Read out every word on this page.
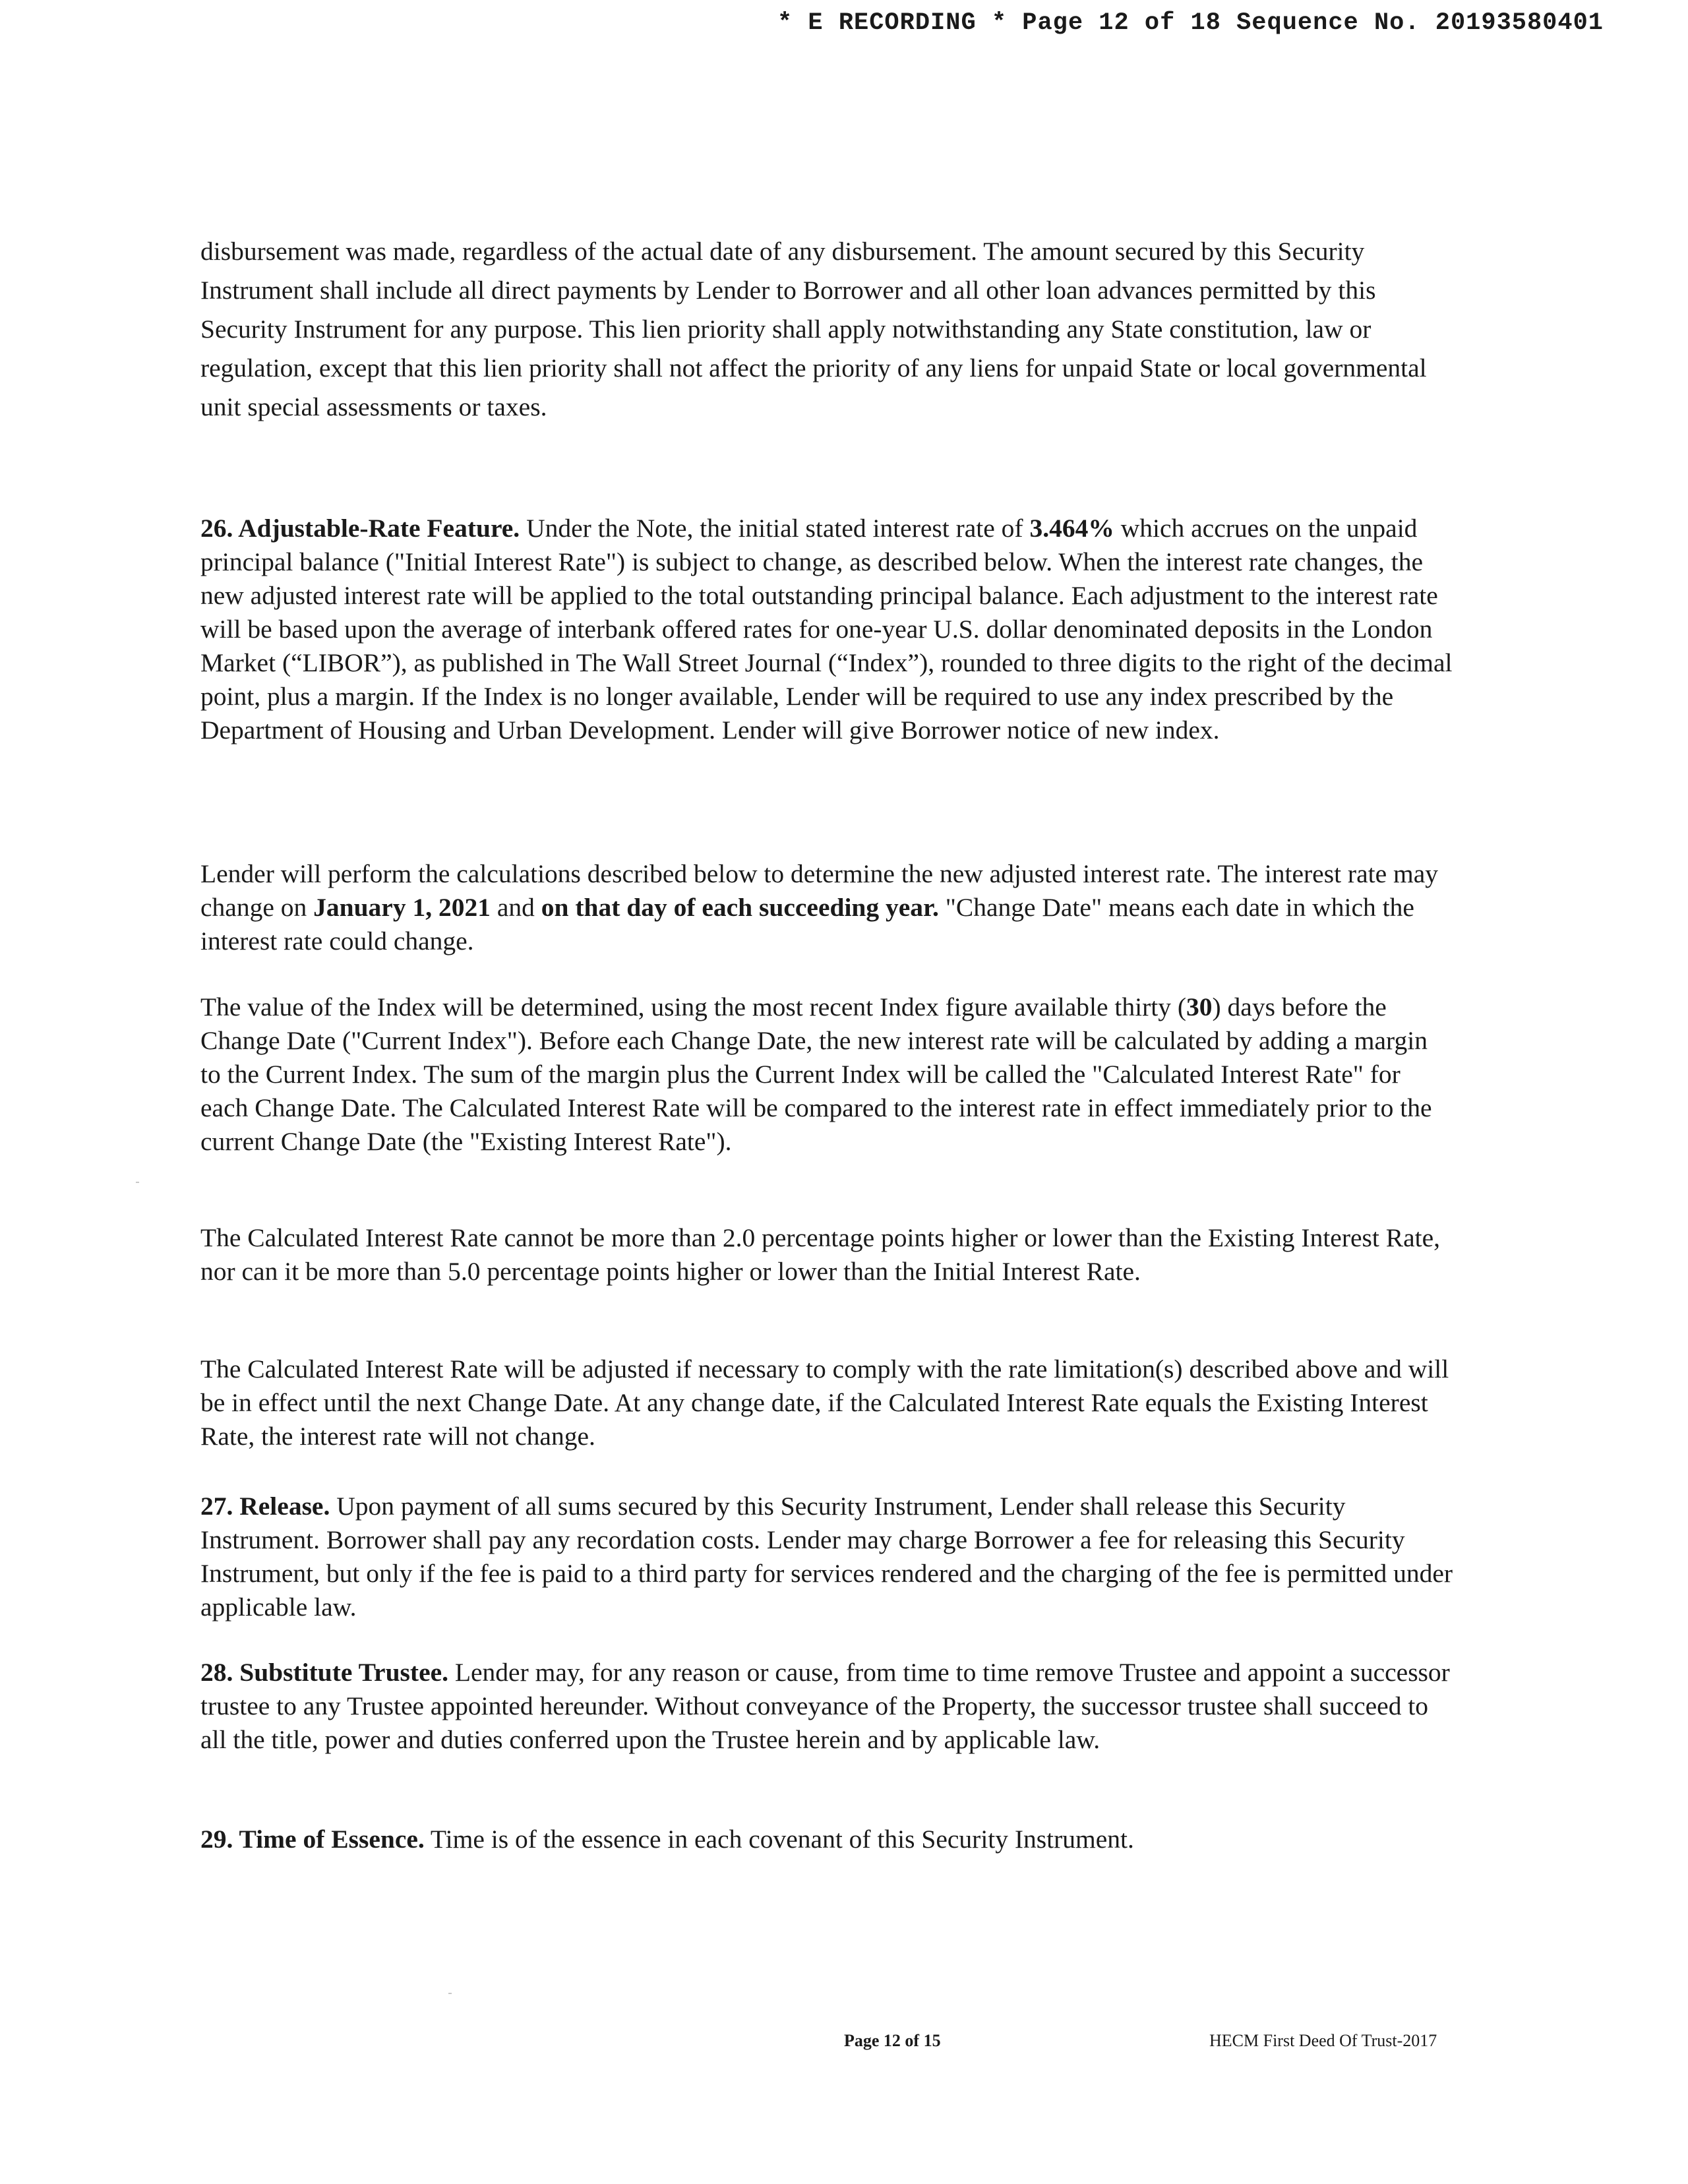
* E RECORDING * Page 12 of 18 Sequence No. 20193580401

disbursement was made, regardless of the actual date of any disbursement. The amount secured by this Security Instrument shall include all direct payments by Lender to Borrower and all other loan advances permitted by this Security Instrument for any purpose. This lien priority shall apply notwithstanding any State constitution, law or regulation, except that this lien priority shall not affect the priority of any liens for unpaid State or local governmental unit special assessments or taxes.

26. Adjustable-Rate Feature. Under the Note, the initial stated interest rate of 3.464% which accrues on the unpaid principal balance ("Initial Interest Rate") is subject to change, as described below. When the interest rate changes, the new adjusted interest rate will be applied to the total outstanding principal balance. Each adjustment to the interest rate will be based upon the average of interbank offered rates for one-year U.S. dollar denominated deposits in the London Market (“LIBOR”), as published in The Wall Street Journal (“Index”), rounded to three digits to the right of the decimal point, plus a margin. If the Index is no longer available, Lender will be required to use any index prescribed by the Department of Housing and Urban Development. Lender will give Borrower notice of new index.

Lender will perform the calculations described below to determine the new adjusted interest rate. The interest rate may change on January 1, 2021 and on that day of each succeeding year. "Change Date" means each date in which the interest rate could change.

The value of the Index will be determined, using the most recent Index figure available thirty (30) days before the Change Date ("Current Index"). Before each Change Date, the new interest rate will be calculated by adding a margin to the Current Index. The sum of the margin plus the Current Index will be called the "Calculated Interest Rate" for each Change Date. The Calculated Interest Rate will be compared to the interest rate in effect immediately prior to the current Change Date (the "Existing Interest Rate").

The Calculated Interest Rate cannot be more than 2.0 percentage points higher or lower than the Existing Interest Rate, nor can it be more than 5.0 percentage points higher or lower than the Initial Interest Rate.

The Calculated Interest Rate will be adjusted if necessary to comply with the rate limitation(s) described above and will be in effect until the next Change Date. At any change date, if the Calculated Interest Rate equals the Existing Interest Rate, the interest rate will not change.

27. Release. Upon payment of all sums secured by this Security Instrument, Lender shall release this Security Instrument. Borrower shall pay any recordation costs. Lender may charge Borrower a fee for releasing this Security Instrument, but only if the fee is paid to a third party for services rendered and the charging of the fee is permitted under applicable law.

28. Substitute Trustee. Lender may, for any reason or cause, from time to time remove Trustee and appoint a successor trustee to any Trustee appointed hereunder. Without conveyance of the Property, the successor trustee shall succeed to all the title, power and duties conferred upon the Trustee herein and by applicable law.

29. Time of Essence. Time is of the essence in each covenant of this Security Instrument.

Page 12 of 15	HECM First Deed Of Trust-2017
